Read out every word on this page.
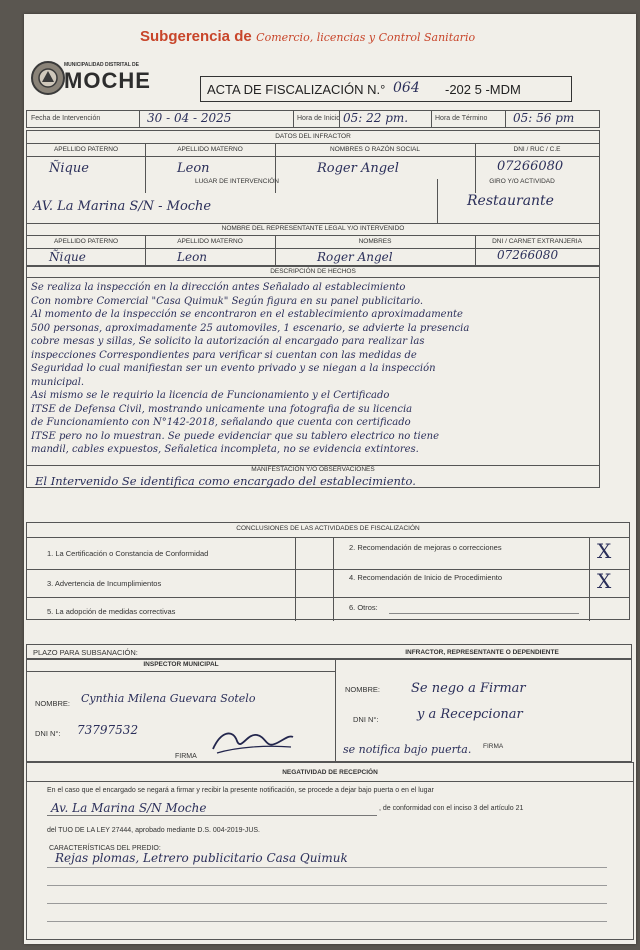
Subgerencia de Comercio, licencias y Control Sanitario
MUNICIPALIDAD DISTRITAL DE
MOCHE	ACTA DE FISCALIZACIÓN N.° 064 -202 5 -MDM
Fecha de Intervención	30 - 04 - 2025	Hora de Inicio 05: 22 pm.	Hora de Término 05: 56 pm
DATOS DEL INFRACTOR
APELLIDO PATERNO	APELLIDO MATERNO	NOMBRES O RAZÓN SOCIAL	DNI / RUC / C.E
Ñique	Leon	Roger Angel	07266080
LUGAR DE INTERVENCIÓN	GIRO Y/O ACTIVIDAD
AV. La Marina S/N - Moche	Restaurante
NOMBRE DEL REPRESENTANTE LEGAL Y/O INTERVENIDO
APELLIDO PATERNO	APELLIDO MATERNO	NOMBRES	DNI / CARNET EXTRANJERIA
Ñique	Leon	Roger Angel	07266080
DESCRIPCIÓN DE HECHOS
Se realiza la inspección en la dirección antes Señalado al establecimiento
Con nombre Comercial "Casa Quimuk" Según figura en su panel publicitario.
Al momento de la inspección se encontraron en el establecimiento aproximadamente
500 personas, aproximadamente 25 automoviles, 1 escenario, se advierte la presencia
cobre mesas y sillas, Se solicito la autorización al encargado para realizar las
inspecciones Correspondientes para verificar si cuentan con las medidas de
Seguridad lo cual manifiestan ser un evento privado y se niegan a la inspección
municipal.
Asi mismo se le requirio la licencia de Funcionamiento y el Certificado
ITSE de Defensa Civil, mostrando unicamente una fotografia de su licencia
de Funcionamiento con N°142-2018, señalando que cuenta con certificado
ITSE pero no lo muestran. Se puede evidenciar que su tablero electrico no tiene
mandil, cables expuestos, Señaletica incompleta, no se evidencia extintores.
MANIFESTACIÓN Y/O OBSERVACIONES
El Intervenido Se identifica como encargado del establecimiento.
CONCLUSIONES DE LAS ACTIVIDADES DE FISCALIZACIÓN
1. La Certificación o Constancia de Conformidad
2. Recomendación de mejoras o correcciones	X
3. Advertencia de Incumplimientos
4. Recomendación de Inicio de Procedimiento	X
5. La adopción de medidas correctivas	6. Otros:
PLAZO PARA SUBSANACIÓN:
INSPECTOR MUNICIPAL
INFRACTOR, REPRESENTANTE O DEPENDIENTE
NOMBRE: Cynthia Milena Guevara Sotelo
DNI N°: 73797532
FIRMA
NOMBRE: Se nego a Firmar
DNI N°:	y a Recepcionar
se notifica bajo puerta. FIRMA
NEGATIVIDAD DE RECEPCIÓN
En el caso que el encargado se negará a firmar y recibir la presente notificación, se procede a dejar bajo puerta o en el lugar
Av. La Marina S/N Moche	, de conformidad con el inciso 3 del artículo 21
del TUO DE LA LEY 27444, aprobado mediante D.S. 004-2019-JUS.
CARACTERÍSTICAS DEL PREDIO:
Rejas plomas, Letrero publicitario Casa Quimuk
